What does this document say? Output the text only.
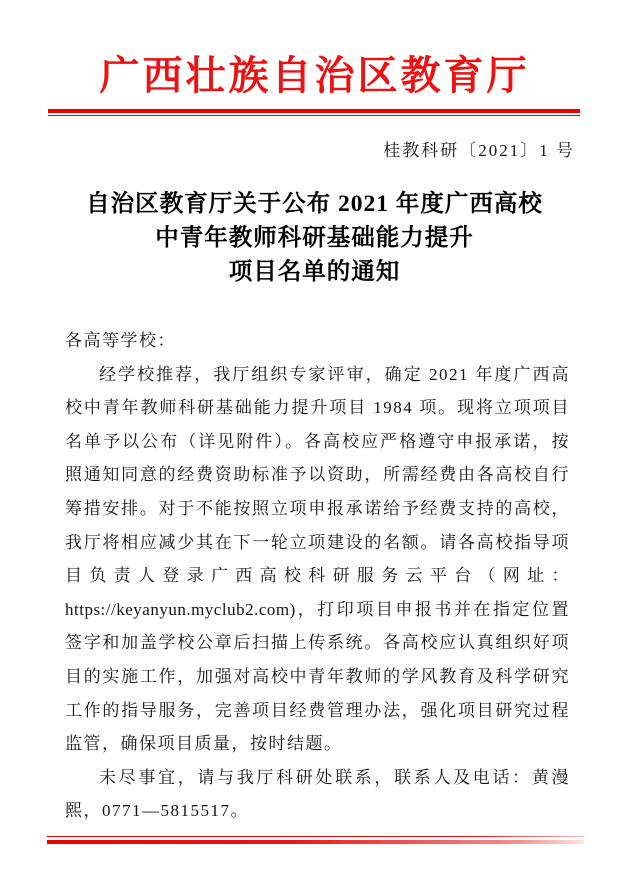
广西壮族自治区教育厅
桂教科研〔2021〕1 号
自治区教育厅关于公布 2021 年度广西高校
中青年教师科研基础能力提升
项目名单的通知

各高等学校：

经学校推荐，我厅组织专家评审，确定 2021 年度广西高校中青年教师科研基础能力提升项目 1984 项。现将立项项目名单予以公布（详见附件）。各高校应严格遵守申报承诺，按照通知同意的经费资助标准予以资助，所需经费由各高校自行筹措安排。对于不能按照立项申报承诺给予经费支持的高校，我厅将相应减少其在下一轮立项建设的名额。请各高校指导项目负责人登录广西高校科研服务云平台（网址：https://keyanyun.myclub2.com)，打印项目申报书并在指定位置签字和加盖学校公章后扫描上传系统。各高校应认真组织好项目的实施工作，加强对高校中青年教师的学风教育及科学研究工作的指导服务，完善项目经费管理办法，强化项目研究过程监管，确保项目质量，按时结题。

未尽事宜，请与我厅科研处联系，联系人及电话：黄漫熙，0771—5815517。
